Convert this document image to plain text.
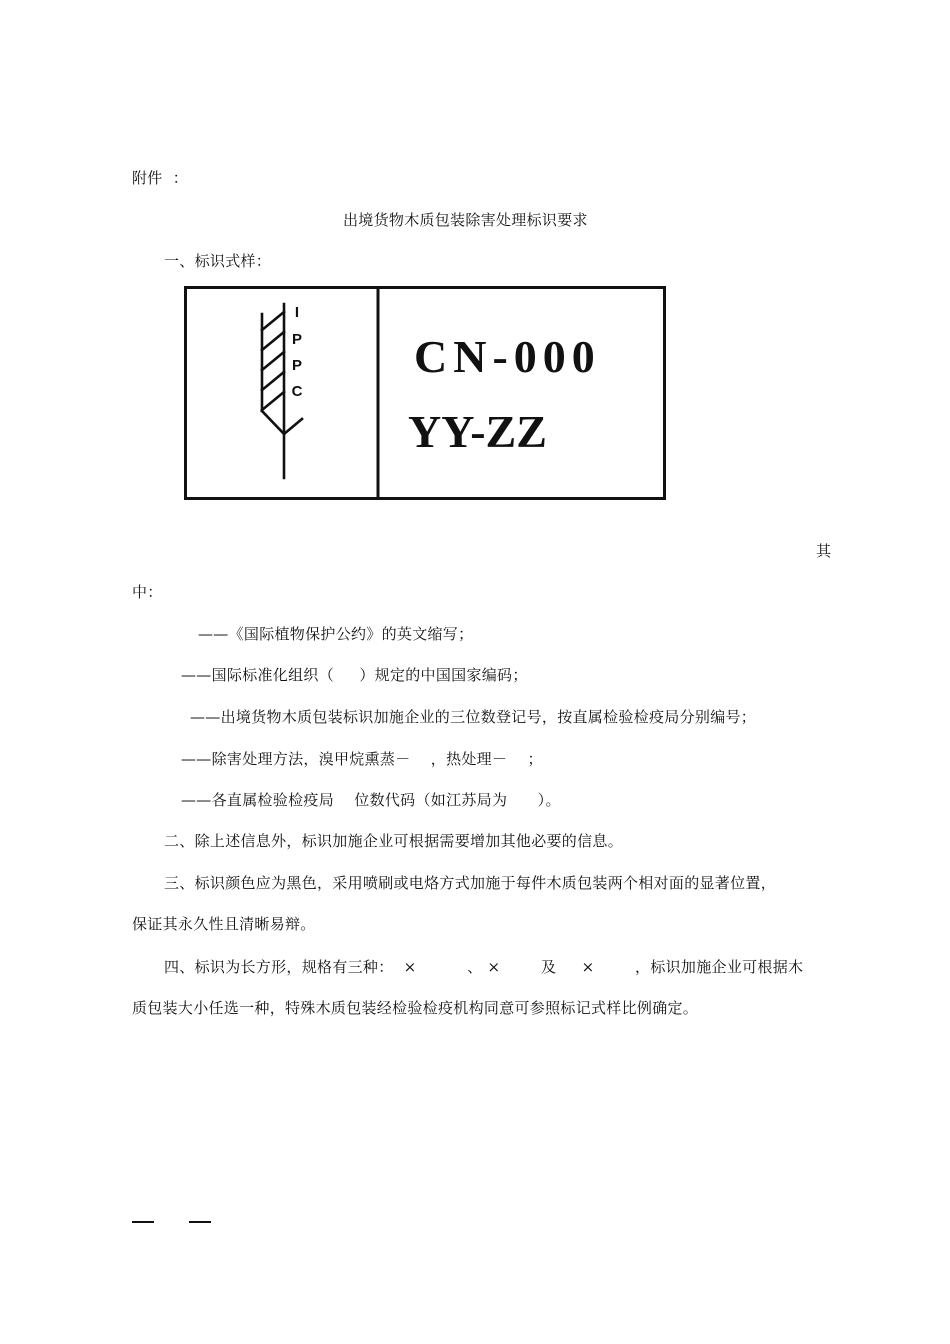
附件  ：
出境货物木质包装除害处理标识要求
一、标识式样：
I
P
P
C
CN-000
YY-ZZ
其
中：
——《国际植物保护公约》的英文缩写；
——国际标准化组织（     ）规定的中国国家编码；
——出境货物木质包装标识加施企业的三位数登记号，按直属检验检疫局分别编号；
——除害处理方法，溴甲烷熏蒸－    ，热处理－    ；
——各直属检验检疫局    位数代码（如江苏局为      ）。
二、除上述信息外，标识加施企业可根据需要增加其他必要的信息。
三、标识颜色应为黑色，采用喷刷或电烙方式加施于每件木质包装两个相对面的显著位置，
保证其永久性且清晰易辩。
四、标识为长方形，规格有三种：  ×          、 ×        及     ×        ，标识加施企业可根据木
质包装大小任选一种，特殊木质包装经检验检疫机构同意可参照标记式样比例确定。
